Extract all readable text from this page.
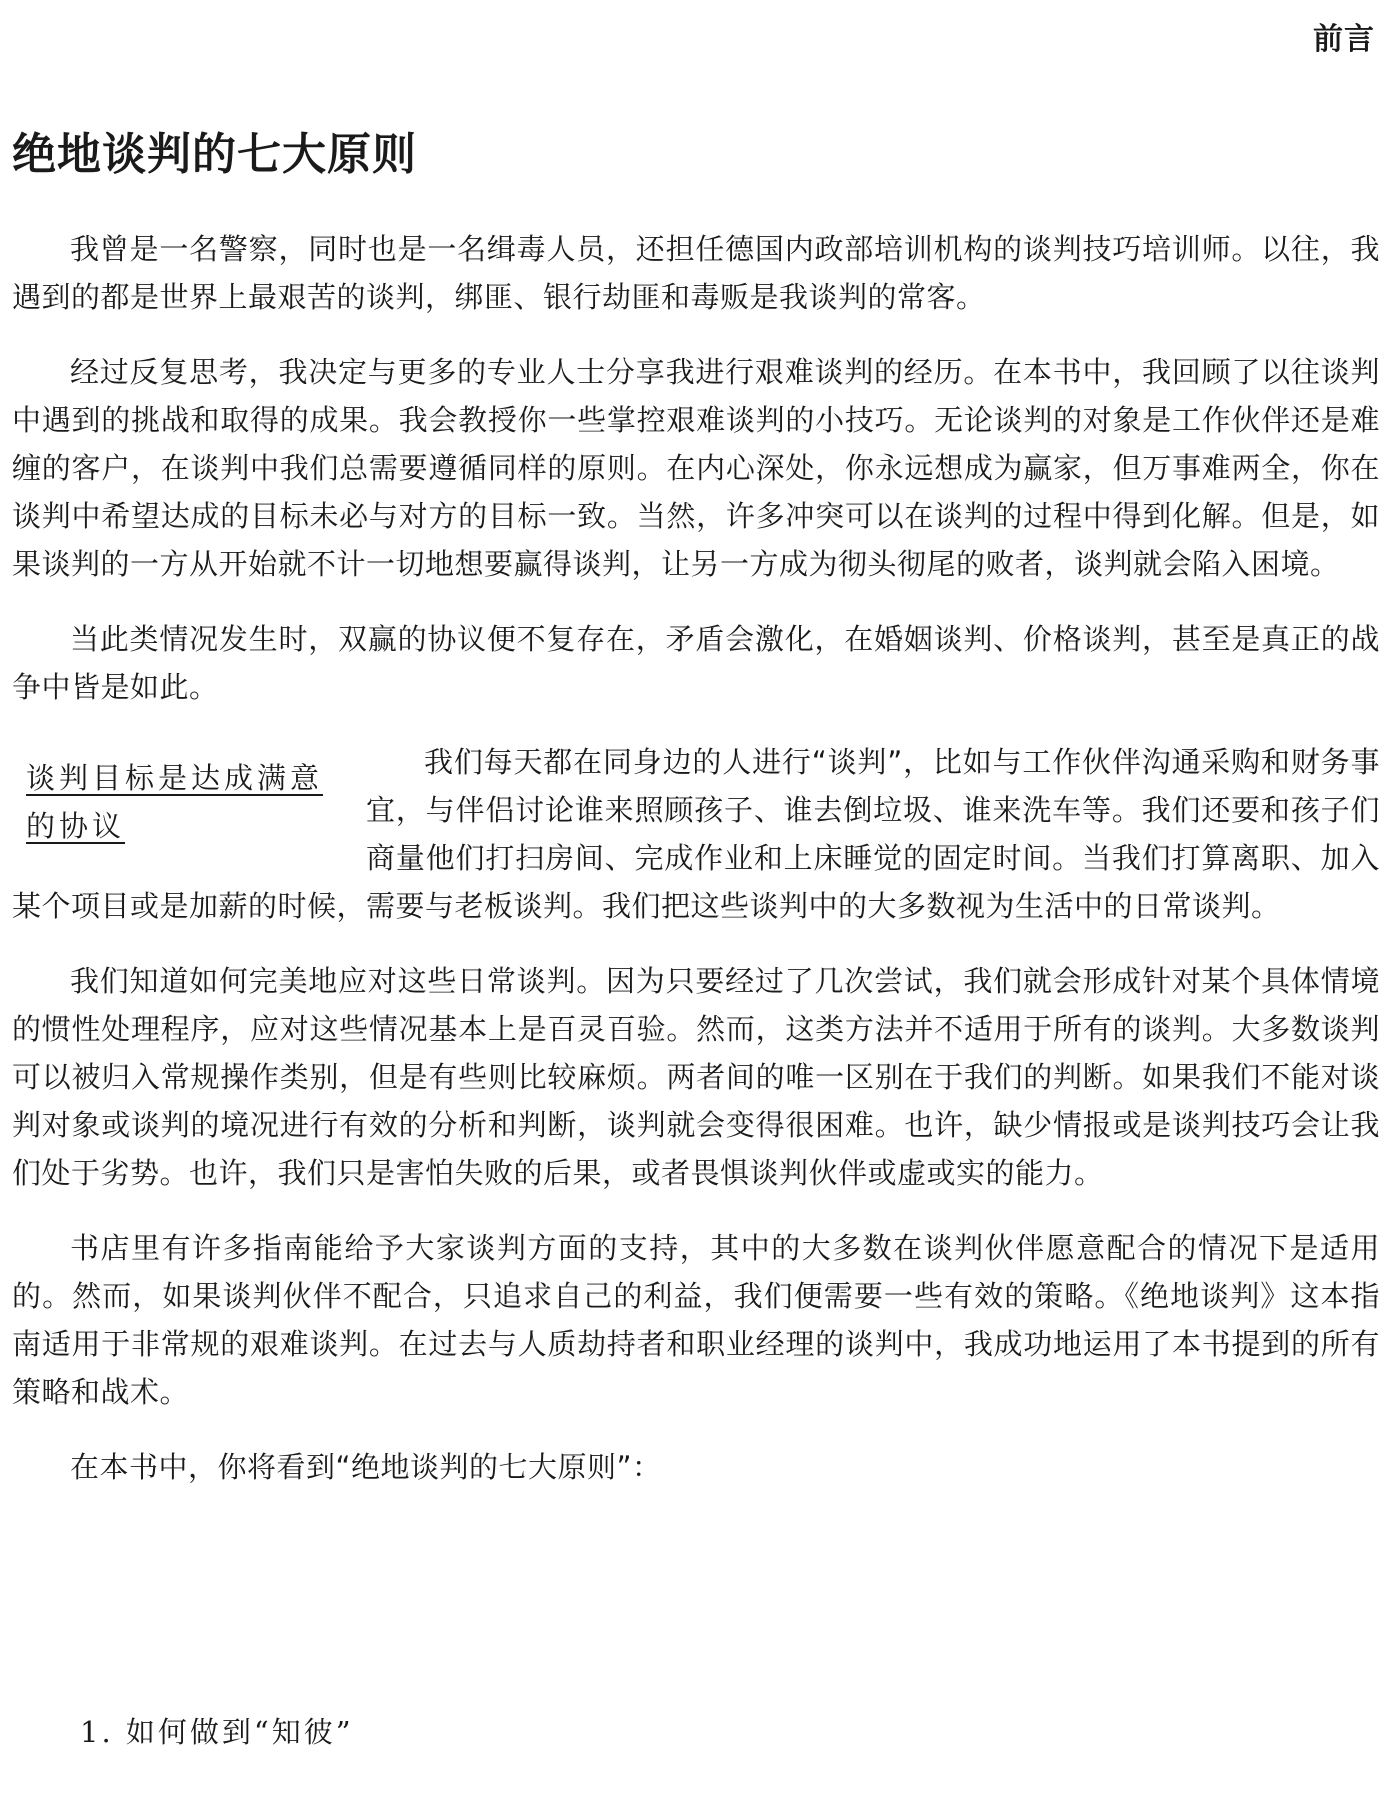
前言
绝地谈判的七大原则

我曾是一名警察，同时也是一名缉毒人员，还担任德国内政部培训机构的谈判技巧培训师。以往，我遇到的都是世界上最艰苦的谈判，绑匪、银行劫匪和毒贩是我谈判的常客。

经过反复思考，我决定与更多的专业人士分享我进行艰难谈判的经历。在本书中，我回顾了以往谈判中遇到的挑战和取得的成果。我会教授你一些掌控艰难谈判的小技巧。无论谈判的对象是工作伙伴还是难缠的客户，在谈判中我们总需要遵循同样的原则。在内心深处，你永远想成为赢家，但万事难两全，你在谈判中希望达成的目标未必与对方的目标一致。当然，许多冲突可以在谈判的过程中得到化解。但是，如果谈判的一方从开始就不计一切地想要赢得谈判，让另一方成为彻头彻尾的败者，谈判就会陷入困境。

当此类情况发生时，双赢的协议便不复存在，矛盾会激化，在婚姻谈判、价格谈判，甚至是真正的战争中皆是如此。

谈判目标是达成满意的协议

我们每天都在同身边的人进行“谈判”，比如与工作伙伴沟通采购和财务事宜，与伴侣讨论谁来照顾孩子、谁去倒垃圾、谁来洗车等。我们还要和孩子们商量他们打扫房间、完成作业和上床睡觉的固定时间。当我们打算离职、加入某个项目或是加薪的时候，需要与老板谈判。我们把这些谈判中的大多数视为生活中的日常谈判。

我们知道如何完美地应对这些日常谈判。因为只要经过了几次尝试，我们就会形成针对某个具体情境的惯性处理程序，应对这些情况基本上是百灵百验。然而，这类方法并不适用于所有的谈判。大多数谈判可以被归入常规操作类别，但是有些则比较麻烦。两者间的唯一区别在于我们的判断。如果我们不能对谈判对象或谈判的境况进行有效的分析和判断，谈判就会变得很困难。也许，缺少情报或是谈判技巧会让我们处于劣势。也许，我们只是害怕失败的后果，或者畏惧谈判伙伴或虚或实的能力。

书店里有许多指南能给予大家谈判方面的支持，其中的大多数在谈判伙伴愿意配合的情况下是适用的。然而，如果谈判伙伴不配合，只追求自己的利益，我们便需要一些有效的策略。《绝地谈判》这本指南适用于非常规的艰难谈判。在过去与人质劫持者和职业经理的谈判中，我成功地运用了本书提到的所有策略和战术。

在本书中，你将看到“绝地谈判的七大原则”：

1. 如何做到“知彼”
